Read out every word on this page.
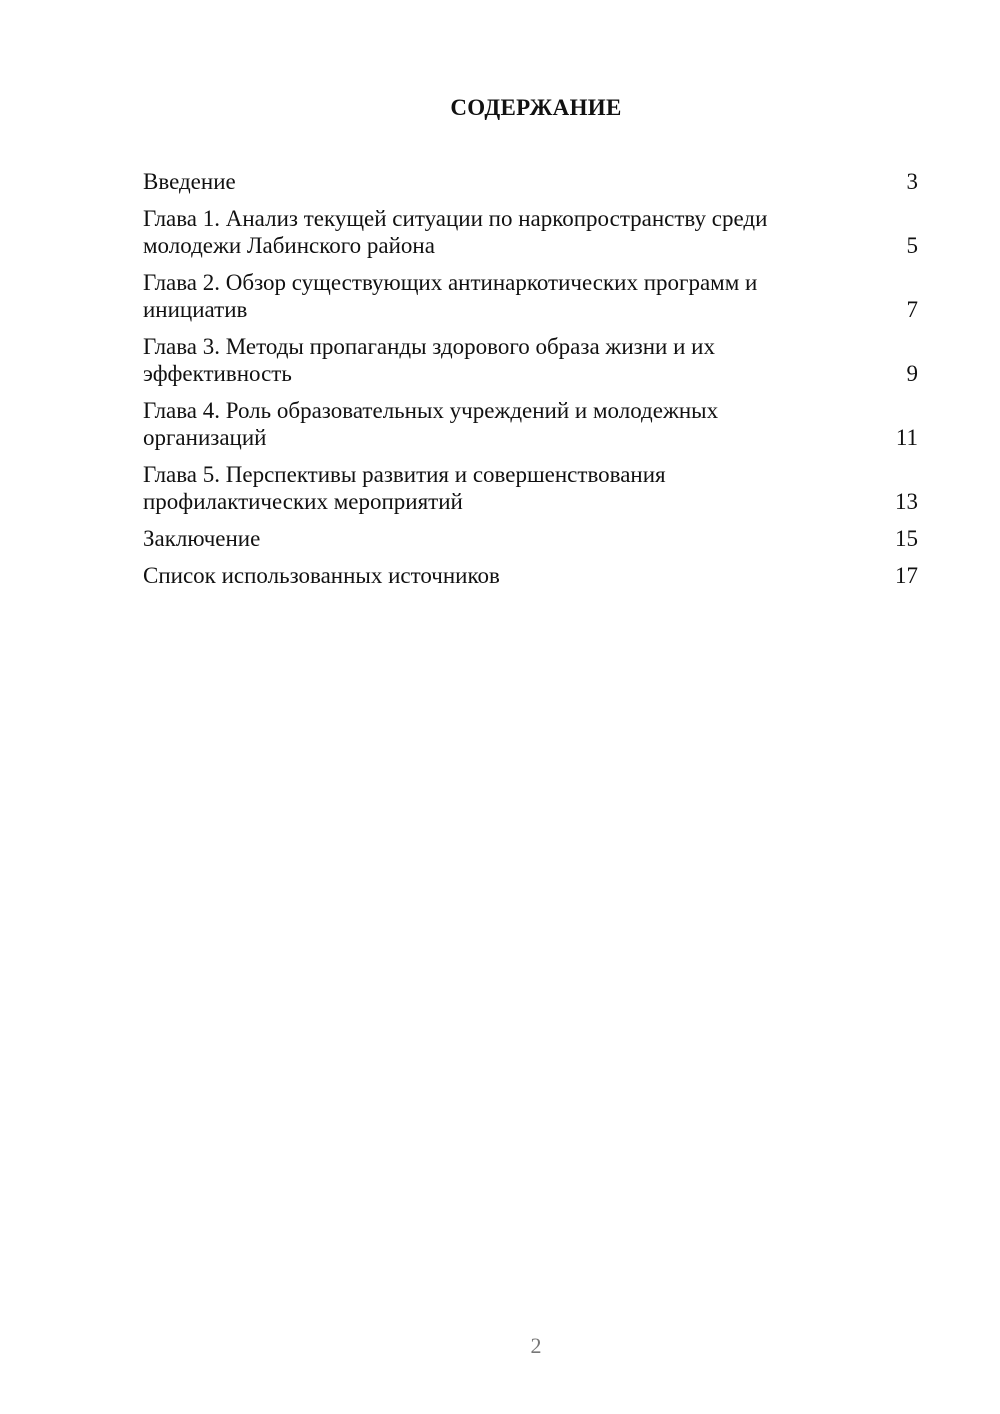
СОДЕРЖАНИЕ
Введение	3
Глава 1. Анализ текущей ситуации по наркопространству среди молодежи Лабинского района	5
Глава 2. Обзор существующих антинаркотических программ и инициатив	7
Глава 3. Методы пропаганды здорового образа жизни и их эффективность	9
Глава 4. Роль образовательных учреждений и молодежных организаций	11
Глава 5. Перспективы развития и совершенствования профилактических мероприятий	13
Заключение	15
Список использованных источников	17
2
